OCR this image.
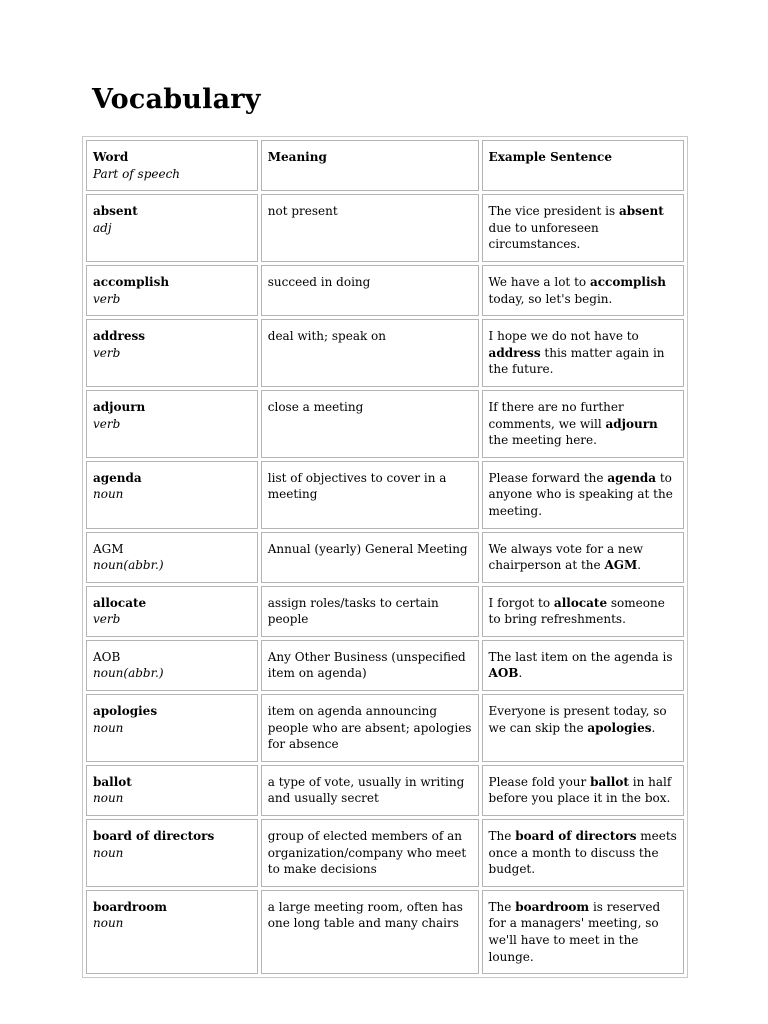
Vocabulary
Word
Part of speech	Meaning	Example Sentence

absent
adj	not present	The vice president is absent due to unforeseen circumstances.

accomplish
verb	succeed in doing	We have a lot to accomplish today, so let's begin.

address
verb	deal with; speak on	I hope we do not have to address this matter again in the future.

adjourn
verb	close a meeting	If there are no further comments, we will adjourn the meeting here.

agenda
noun	list of objectives to cover in a meeting	Please forward the agenda to anyone who is speaking at the meeting.

AGM
noun(abbr.)	Annual (yearly) General Meeting	We always vote for a new chairperson at the AGM.

allocate
verb	assign roles/tasks to certain people	I forgot to allocate someone to bring refreshments.

AOB
noun(abbr.)	Any Other Business (unspecified item on agenda)	The last item on the agenda is AOB.

apologies
noun	item on agenda announcing people who are absent; apologies for absence	Everyone is present today, so we can skip the apologies.

ballot
noun	a type of vote, usually in writing and usually secret	Please fold your ballot in half before you place it in the box.

board of directors
noun	group of elected members of an organization/company who meet to make decisions	The board of directors meets once a month to discuss the budget.

boardroom
noun	a large meeting room, often has one long table and many chairs	The boardroom is reserved for a managers' meeting, so we'll have to meet in the lounge.
